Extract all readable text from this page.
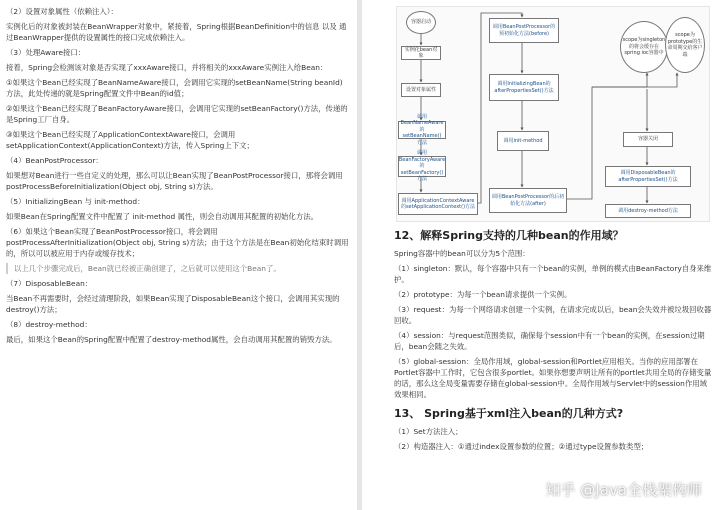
（2）设置对象属性（依赖注入）：

实例化后的对象被封装在BeanWrapper对象中，紧接着，Spring根据BeanDefinition中的信息 以及 通过BeanWrapper提供的设置属性的接口完成依赖注入。

（3）处理Aware接口：

接着，Spring会检测该对象是否实现了xxxAware接口，并将相关的xxxAware实例注入给Bean：

①如果这个Bean已经实现了BeanNameAware接口，会调用它实现的setBeanName(String beanId)方法，此处传递的就是Spring配置文件中Bean的id值；

②如果这个Bean已经实现了BeanFactoryAware接口，会调用它实现的setBeanFactory()方法，传递的是Spring工厂自身。

③如果这个Bean已经实现了ApplicationContextAware接口，会调用setApplicationContext(ApplicationContext)方法，传入Spring上下文；

（4）BeanPostProcessor：

如果想对Bean进行一些自定义的处理，那么可以让Bean实现了BeanPostProcessor接口，那将会调用postProcessBeforeInitialization(Object obj, String s)方法。

（5）InitializingBean 与 init-method：

如果Bean在Spring配置文件中配置了 init-method 属性，则会自动调用其配置的初始化方法。

（6）如果这个Bean实现了BeanPostProcessor接口，将会调用postProcessAfterInitialization(Object obj, String s)方法；由于这个方法是在Bean初始化结束时调用的，所以可以被应用于内存或缓存技术；

以上几个步骤完成后，Bean就已经被正确创建了，之后就可以使用这个Bean了。

（7）DisposableBean：

当Bean不再需要时，会经过清理阶段，如果Bean实现了DisposableBean这个接口，会调用其实现的destroy()方法；

（8）destroy-method：

最后，如果这个Bean的Spring配置中配置了destroy-method属性，会自动调用其配置的销毁方法。

容器启动
实例化bean对象
设置对象属性
调用BeanNameAware的setBeanName()方法
调用BeanFactoryAware的setBeanFactory()方法
调用ApplicationContextAware的setApplicationContext()方法
调用BeanPostProcessor的预初始化方法(before)
调用InitializingBean的afterPropertiesSet()方法
调用init-method
调用BeanPostProcessor的后初始化方法(after)
scope为singleton的将会缓存在spring ioc容器中
scope为prototype的生命周期交给客户端
容器关闭
调用DisposableBean的afterPropertiesSet()方法
调用destroy-method方法
12、解释Spring支持的几种bean的作用域？

Spring容器中的bean可以分为5个范围：

（1）singleton：默认，每个容器中只有一个bean的实例，单例的模式由BeanFactory自身来维护。

（2）prototype：为每一个bean请求提供一个实例。

（3）request：为每一个网络请求创建一个实例，在请求完成以后，bean会失效并被垃圾回收器回收。

（4）session：与request范围类似，确保每个session中有一个bean的实例，在session过期后，bean会随之失效。

（5）global-session：全局作用域，global-session和Portlet应用相关。当你的应用部署在Portlet容器中工作时，它包含很多portlet。如果你想要声明让所有的portlet共用全局的存储变量的话，那么这全局变量需要存储在global-session中。全局作用域与Servlet中的session作用域效果相同。

13、 Spring基于xml注入bean的几种方式?

（1）Set方法注入；

（2）构造器注入：①通过index设置参数的位置；②通过type设置参数类型；

知乎 @Java全栈架构师
